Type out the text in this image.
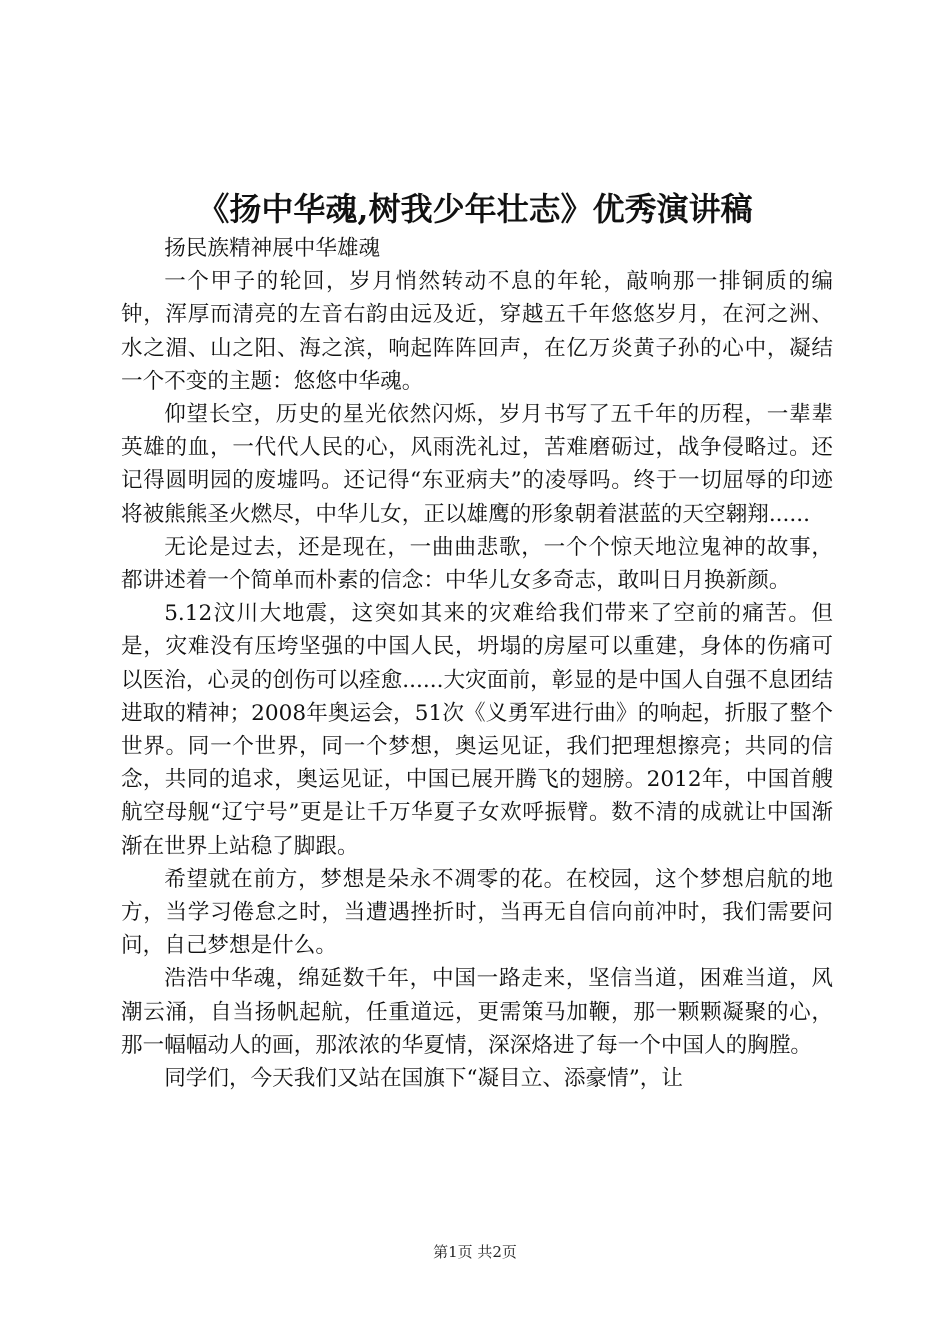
《扬中华魂,树我少年壮志》优秀演讲稿

扬民族精神展中华雄魂

一个甲子的轮回，岁月悄然转动不息的年轮，敲响那一排铜质的编钟，浑厚而清亮的左音右韵由远及近，穿越五千年悠悠岁月，在河之洲、水之湄、山之阳、海之滨，响起阵阵回声，在亿万炎黄子孙的心中，凝结一个不变的主题：悠悠中华魂。

仰望长空，历史的星光依然闪烁，岁月书写了五千年的历程，一辈辈英雄的血，一代代人民的心，风雨洗礼过，苦难磨砺过，战争侵略过。还记得圆明园的废墟吗。还记得“东亚病夫”的凌辱吗。终于一切屈辱的印迹将被熊熊圣火燃尽，中华儿女，正以雄鹰的形象朝着湛蓝的天空翱翔......

无论是过去，还是现在，一曲曲悲歌，一个个惊天地泣鬼神的故事，都讲述着一个简单而朴素的信念：中华儿女多奇志，敢叫日月换新颜。

5.12汶川大地震，这突如其来的灾难给我们带来了空前的痛苦。但是，灾难没有压垮坚强的中国人民，坍塌的房屋可以重建，身体的伤痛可以医治，心灵的创伤可以痊愈......大灾面前，彰显的是中国人自强不息团结进取的精神；2008年奥运会，51次《义勇军进行曲》的响起，折服了整个世界。同一个世界，同一个梦想，奥运见证，我们把理想擦亮；共同的信念，共同的追求，奥运见证，中国已展开腾飞的翅膀。2012年，中国首艘航空母舰“辽宁号”更是让千万华夏子女欢呼振臂。数不清的成就让中国渐渐在世界上站稳了脚跟。

希望就在前方，梦想是朵永不凋零的花。在校园，这个梦想启航的地方，当学习倦怠之时，当遭遇挫折时，当再无自信向前冲时，我们需要问问，自己梦想是什么。

浩浩中华魂，绵延数千年，中国一路走来，坚信当道，困难当道，风潮云涌，自当扬帆起航，任重道远，更需策马加鞭，那一颗颗凝聚的心，那一幅幅动人的画，那浓浓的华夏情，深深烙进了每一个中国人的胸膛。

同学们，今天我们又站在国旗下“凝目立、添豪情”，让

第1页 共2页
